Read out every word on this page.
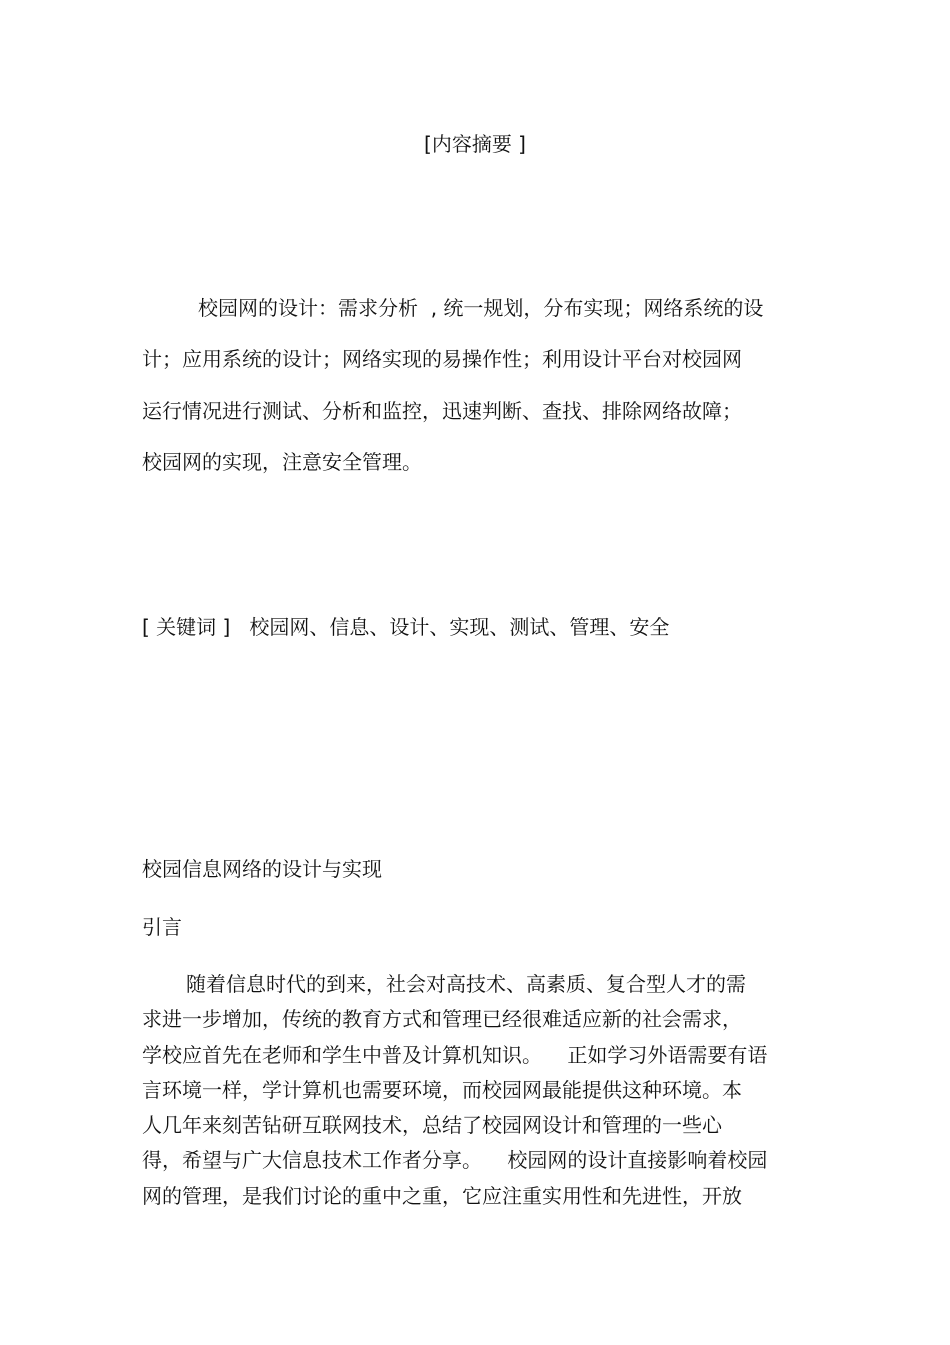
[内容摘要 ]
校园网的设计：需求分析  , 统一规划，分布实现；网络系统的设
计；应用系统的设计；网络实现的易操作性；利用设计平台对校园网
运行情况进行测试、分析和监控，迅速判断、查找、排除网络故障；
校园网的实现，注意安全管理。
[ 关键词 ]   校园网、信息、设计、实现、测试、管理、安全
校园信息网络的设计与实现
引言
随着信息时代的到来，社会对高技术、高素质、复合型人才的需
求进一步增加，传统的教育方式和管理已经很难适应新的社会需求，
学校应首先在老师和学生中普及计算机知识。    正如学习外语需要有语
言环境一样，学计算机也需要环境，而校园网最能提供这种环境。本
人几年来刻苦钻研互联网技术，总结了校园网设计和管理的一些心
得，希望与广大信息技术工作者分享。    校园网的设计直接影响着校园
网的管理，是我们讨论的重中之重，它应注重实用性和先进性，开放
